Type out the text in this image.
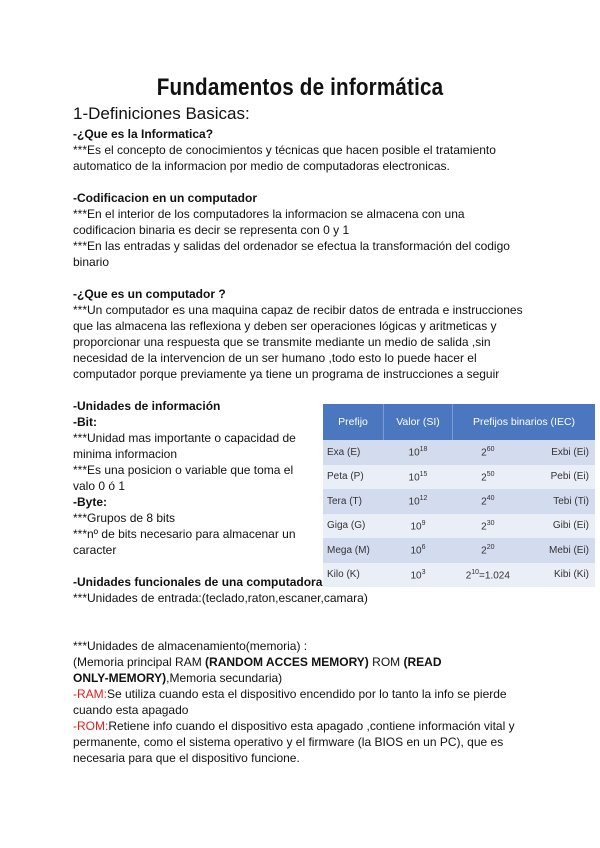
Fundamentos de informática
1-Definiciones Basicas:
-¿Que es la Informatica?
***Es el concepto de conocimientos y técnicas que hacen posible el tratamiento
automatico de la informacion por medio de computadoras electronicas.
-Codificacion en un computador
***En el interior de los computadores la informacion se almacena con una
codificacion binaria es decir se representa con 0 y 1
***En las entradas y salidas del ordenador se efectua la transformación del codigo
binario
-¿Que es un computador ?
***Un computador es una maquina capaz de recibir datos de entrada e instrucciones
que las almacena las reflexiona y deben ser operaciones lógicas y aritmeticas y
proporcionar una respuesta que se transmite mediante un medio de salida ,sin
necesidad de la intervencion de un ser humano ,todo esto lo puede hacer el
computador porque previamente ya tiene un programa de instrucciones a seguir
-Unidades de información
-Bit:
***Unidad mas importante o capacidad de
minima informacion
***Es una posicion o variable que toma el
valo 0 ó 1
-Byte:
***Grupos de 8 bits
***nº de bits necesario para almacenar un
caracter
Prefijo	Valor (SI)	Prefijos binarios (IEC)	
Exa (E)	$10^{18}$	$2^{60}$	Exbi (Ei)
Peta (P)	$10^{15}$	$2^{50}$	Pebi (Ei)
Tera (T)	$10^{12}$	$2^{40}$	Tebi (Ti)
Giga (G)	$10^9$	$2^{30}$	Gibi (Ei)
Mega (M)	$10^6$	$2^{20}$	Mebi (Ei)
Kilo (K)	$10^3$	$2^{10}=1.024$	Kibi (Ki)
-Unidades funcionales de una computadora
***Unidades de entrada:(teclado,raton,escaner,camara)
***Unidades de almacenamiento(memoria) :
(Memoria principal RAM (RANDOM ACCES MEMORY) ROM (READ
ONLY-MEMORY),Memoria secundaria)
-RAM:Se utiliza cuando esta el dispositivo encendido por lo tanto la info se pierde
cuando esta apagado
-ROM:Retiene info cuando el dispositivo esta apagado ,contiene información vital y
permanente, como el sistema operativo y el firmware (la BIOS en un PC), que es
necesaria para que el dispositivo funcione.
